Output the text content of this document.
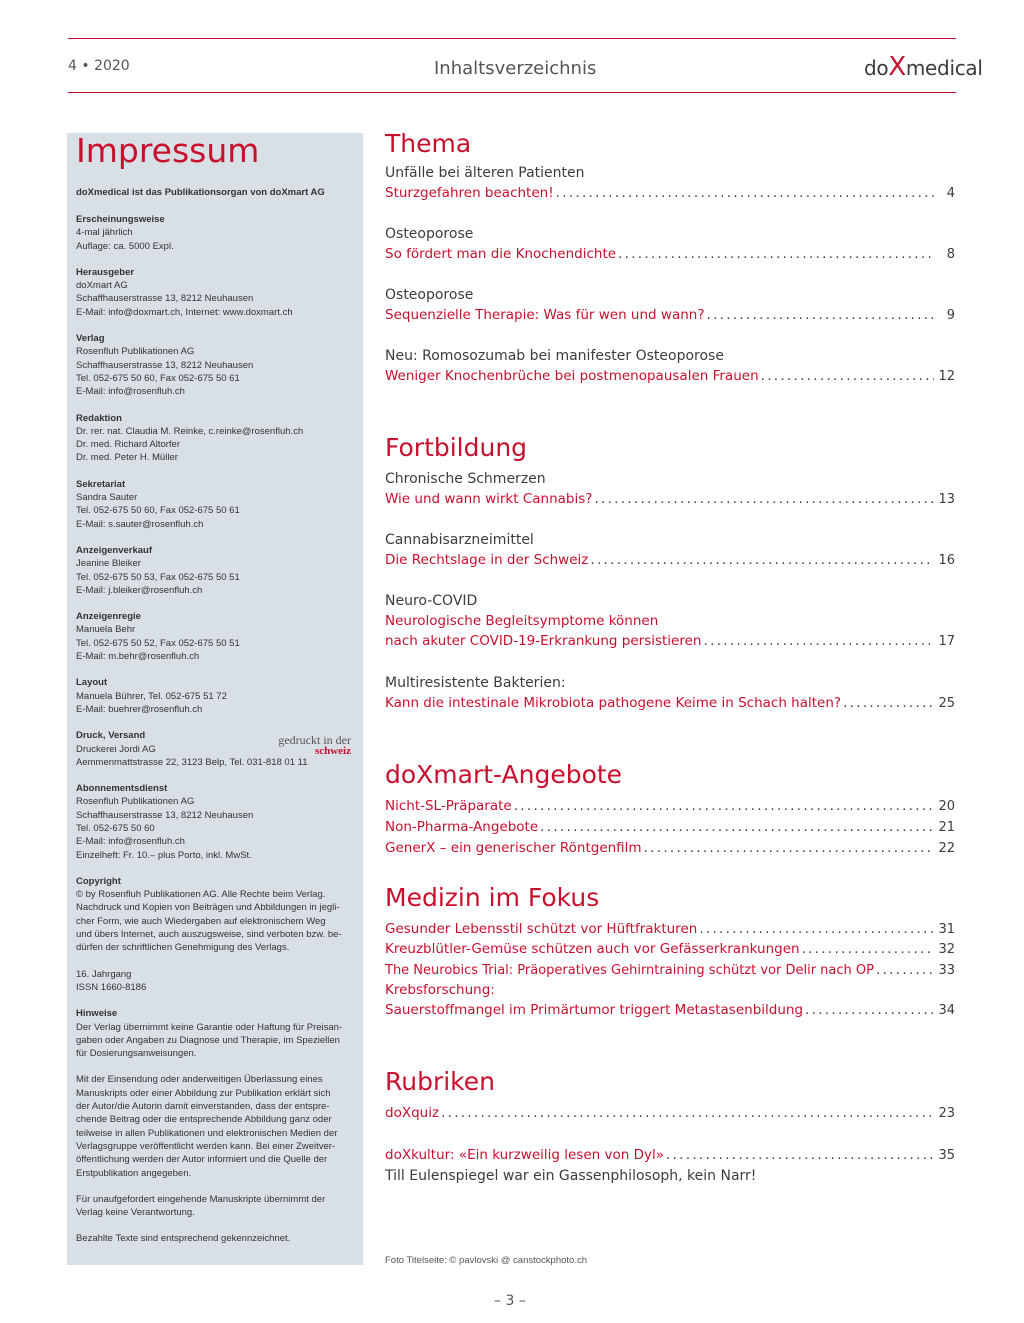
4 • 2020	Inhaltsverzeichnis	doXmedical
Impressum
doXmedical ist das Publikationsorgan von doXmart AG
Erscheinungsweise
4-mal jährlich
Auflage: ca. 5000 Expl.
Herausgeber
doXmart AG
Schaffhauserstrasse 13, 8212 Neuhausen
E-Mail: info@doxmart.ch, Internet: www.doxmart.ch
Verlag
Rosenfluh Publikationen AG
Schaffhauserstrasse 13, 8212 Neuhausen
Tel. 052-675 50 60, Fax 052-675 50 61
E-Mail: info@rosenfluh.ch
Redaktion
Dr. rer. nat. Claudia M. Reinke, c.reinke@rosenfluh.ch
Dr. med. Richard Altorfer
Dr. med. Peter H. Müller
Sekretariat
Sandra Sauter
Tel. 052-675 50 60, Fax 052-675 50 61
E-Mail: s.sauter@rosenfluh.ch
Anzeigenverkauf
Jeanine Bleiker
Tel. 052-675 50 53, Fax 052-675 50 51
E-Mail: j.bleiker@rosenfluh.ch
Anzeigenregie
Manuela Behr
Tel. 052-675 50 52, Fax 052-675 50 51
E-Mail: m.behr@rosenfluh.ch
Layout
Manuela Bührer, Tel. 052-675 51 72
E-Mail: buehrer@rosenfluh.ch
Druck, Versand
Druckerei Jordi AG
Aemmenmattstrasse 22, 3123 Belp, Tel. 031-818 01 11
Abonnementsdienst
Rosenfluh Publikationen AG
Schaffhauserstrasse 13, 8212 Neuhausen
Tel. 052-675 50 60
E-Mail: info@rosenfluh.ch
Einzelheft: Fr. 10.– plus Porto, inkl. MwSt.
Copyright
© by Rosenfluh Publikationen AG. Alle Rechte beim Verlag.
Nachdruck und Kopien von Beiträgen und Abbildungen in jegli-
cher Form, wie auch Wiedergaben auf elektronischem Weg
und übers Internet, auch auszugsweise, sind verboten bzw. be-
dürfen der schriftlichen Genehmigung des Verlags.
16. Jahrgang
ISSN 1660-8186
Hinweise
Der Verlag übernimmt keine Garantie oder Haftung für Preisan-
gaben oder Angaben zu Diagnose und Therapie, im Speziellen
für Dosierungsanweisungen.
Mit der Einsendung oder anderweitigen Überlassung eines
Manuskripts oder einer Abbildung zur Publikation erklärt sich
der Autor/die Autorin damit einverstanden, dass der entspre-
chende Beitrag oder die entsprechende Abbildung ganz oder
teilweise in allen Publikationen und elektronischen Medien der
Verlagsgruppe veröffentlicht werden kann. Bei einer Zweitver-
öffentlichung werden der Autor informiert und die Quelle der
Erstpublikation angegeben.
Für unaufgefordert eingehende Manuskripte übernimmt der
Verlag keine Verantwortung.
Bezahlte Texte sind entsprechend gekennzeichnet.
gedruckt in der
schweiz
Thema
Unfälle bei älteren Patienten
Sturzgefahren beachten! . . .	4
Osteoporose
So fördert man die Knochendichte . . .	8
Osteoporose
Sequenzielle Therapie: Was für wen und wann? . . .	9
Neu: Romosozumab bei manifester Osteoporose
Weniger Knochenbrüche bei postmenopausalen Frauen . . .	12
Fortbildung
Chronische Schmerzen
Wie und wann wirkt Cannabis? . . .	13
Cannabisarzneimittel
Die Rechtslage in der Schweiz . . .	16
Neuro-COVID
Neurologische Begleitsymptome können
nach akuter COVID-19-Erkrankung persistieren . . .	17
Multiresistente Bakterien:
Kann die intestinale Mikrobiota pathogene Keime in Schach halten? . . .	25
doXmart-Angebote
Nicht-SL-Präparate . . .	20
Non-Pharma-Angebote . . .	21
GenerX – ein generischer Röntgenfilm . . .	22
Medizin im Fokus
Gesunder Lebensstil schützt vor Hüftfrakturen . . .	31
Kreuzblütler-Gemüse schützen auch vor Gefässerkrankungen . . .	32
The Neurobics Trial: Präoperatives Gehirntraining schützt vor Delir nach OP . . .	33
Krebsforschung:
Sauerstoffmangel im Primärtumor triggert Metastasenbildung . . .	34
Rubriken
doXquiz . . .	23
doXkultur: «Ein kurzweilig lesen von Dyl» . . .	35
Till Eulenspiegel war ein Gassenphilosoph, kein Narr!
Foto Titelseite: © pavlovski @ canstockphoto.ch
– 3 –
